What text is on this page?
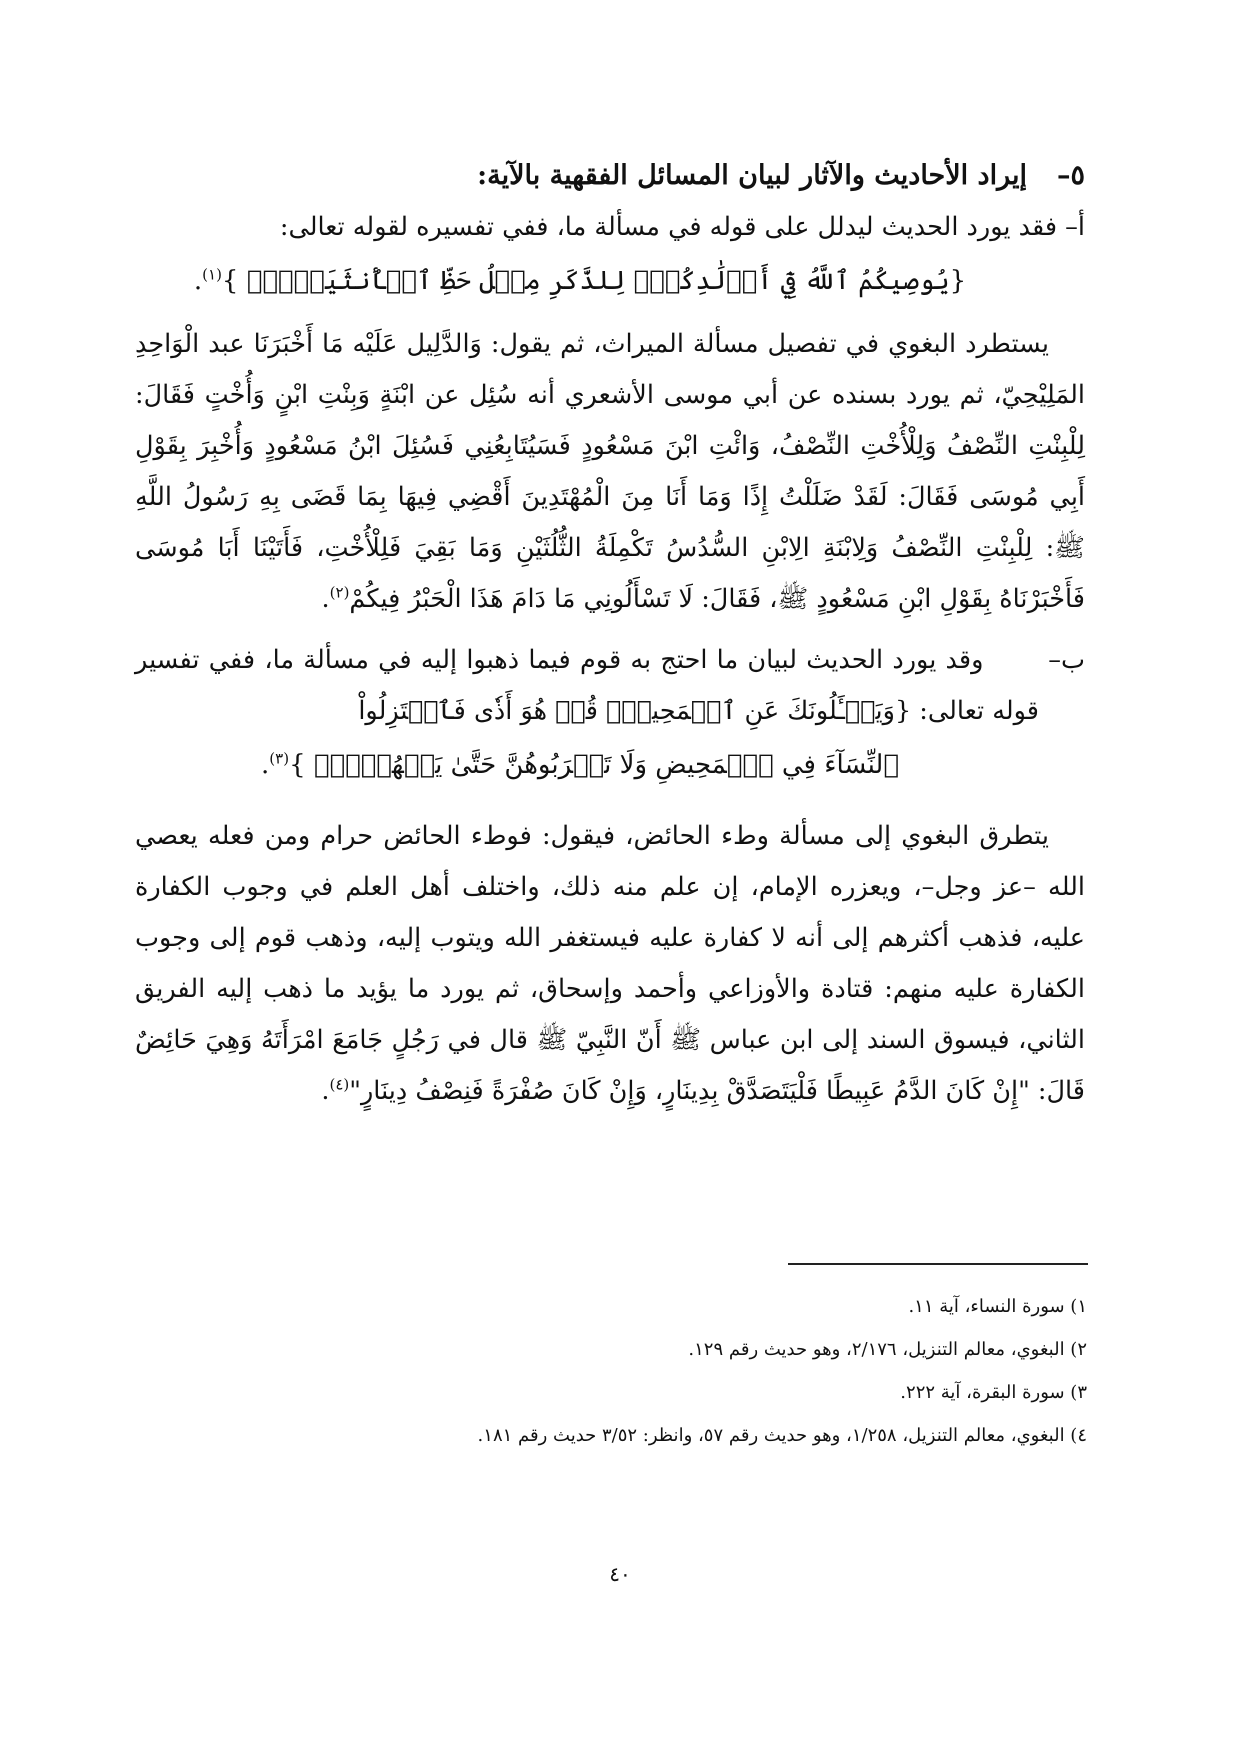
٥–إيراد الأحاديث والآثار لبيان المسائل الفقهية بالآية:

أ– فقد يورد الحديث ليدلل على قوله في مسألة ما، ففي تفسيره لقوله تعالى:

{يُوصِيكُمُ ٱللَّهُ فِيٓ أَوۡلَٰدِكُمۡۖ لِلذَّكَرِ مِثۡلُ حَظِّ ٱلۡأُنثَيَيۡنِۚ }$^{(١)}$.

يستطرد البغوي في تفصيل مسألة الميراث، ثم يقول: وَالدَّلِيل عَلَيْه مَا أَخْبَرَنَا عبد الْوَاحِدِ المَلِيْحِيّ، ثم يورد بسنده عن أبي موسى الأشعري أنه سُئِل عن ابْنَةٍ وَبِنْتِ ابْنٍ وَأُخْتٍ فَقَالَ: لِلْبِنْتِ النِّصْفُ وَلِلْأُخْتِ النِّصْفُ، وَائْتِ ابْنَ مَسْعُودٍ فَسَيُتَابِعُنِي فَسُئِلَ ابْنُ مَسْعُودٍ وَأُخْبِرَ بِقَوْلِ أَبِي مُوسَى فَقَالَ: لَقَدْ ضَلَلْتُ إِذًا وَمَا أَنَا مِنَ الْمُهْتَدِينَ أَقْضِي فِيهَا بِمَا قَضَى بِهِ رَسُولُ اللَّهِ ﷺ: لِلْبِنْتِ النِّصْفُ وَلِابْنَةِ الِابْنِ السُّدُسُ تَكْمِلَةُ الثُّلُثَيْنِ وَمَا بَقِيَ فَلِلْأُخْتِ، فَأَتَيْنَا أَبَا مُوسَى فَأَخْبَرْنَاهُ بِقَوْلِ ابْنِ مَسْعُودٍ ﷺ، فَقَالَ: لَا تَسْأَلُونِي مَا دَامَ هَذَا الْحَبْرُ فِيكُمْ$^{(٢)}$.

ب–       وقد يورد الحديث لبيان ما احتج به قوم فيما ذهبوا إليه في مسألة ما، ففي تفسير قوله تعالى: {وَيَسۡـَٔلُونَكَ عَنِ ٱلۡمَحِيضِۖ قُلۡ هُوَ أَذٗى فَٱعۡتَزِلُواْ

ٱلنِّسَآءَ فِي ٱلۡمَحِيضِ وَلَا تَقۡرَبُوهُنَّ حَتَّىٰ يَطۡهُرۡنَۖ }$^{(٣)}$.

يتطرق البغوي إلى مسألة وطء الحائض، فيقول: فوطء الحائض حرام ومن فعله يعصي الله –عز وجل–، ويعزره الإمام، إن علم منه ذلك، واختلف أهل العلم في وجوب الكفارة عليه، فذهب أكثرهم إلى أنه لا كفارة عليه فيستغفر الله ويتوب إليه، وذهب قوم إلى وجوب الكفارة عليه منهم: قتادة والأوزاعي وأحمد وإسحاق، ثم يورد ما يؤيد ما ذهب إليه الفريق الثاني، فيسوق السند إلى ابن عباس ﷺ أَنّ النَّبِيّ ﷺ قال في رَجُلٍ جَامَعَ امْرَأَتَهُ وَهِيَ حَائِضٌ قَالَ: "إِنْ كَانَ الدَّمُ عَبِيطًا فَلْيَتَصَدَّقْ بِدِينَارٍ، وَإِنْ كَانَ صُفْرَةً فَنِصْفُ دِينَارٍ"$^{(٤)}$.

١) سورة النساء، آية ١١.

٢) البغوي، معالم التنزيل، ٢/١٧٦، وهو حديث رقم ١٢٩.

٣) سورة البقرة، آية ٢٢٢.

٤) البغوي، معالم التنزيل، ١/٢٥٨، وهو حديث رقم ٥٧، وانظر: ٣/٥٢ حديث رقم ١٨١.

٤٠
